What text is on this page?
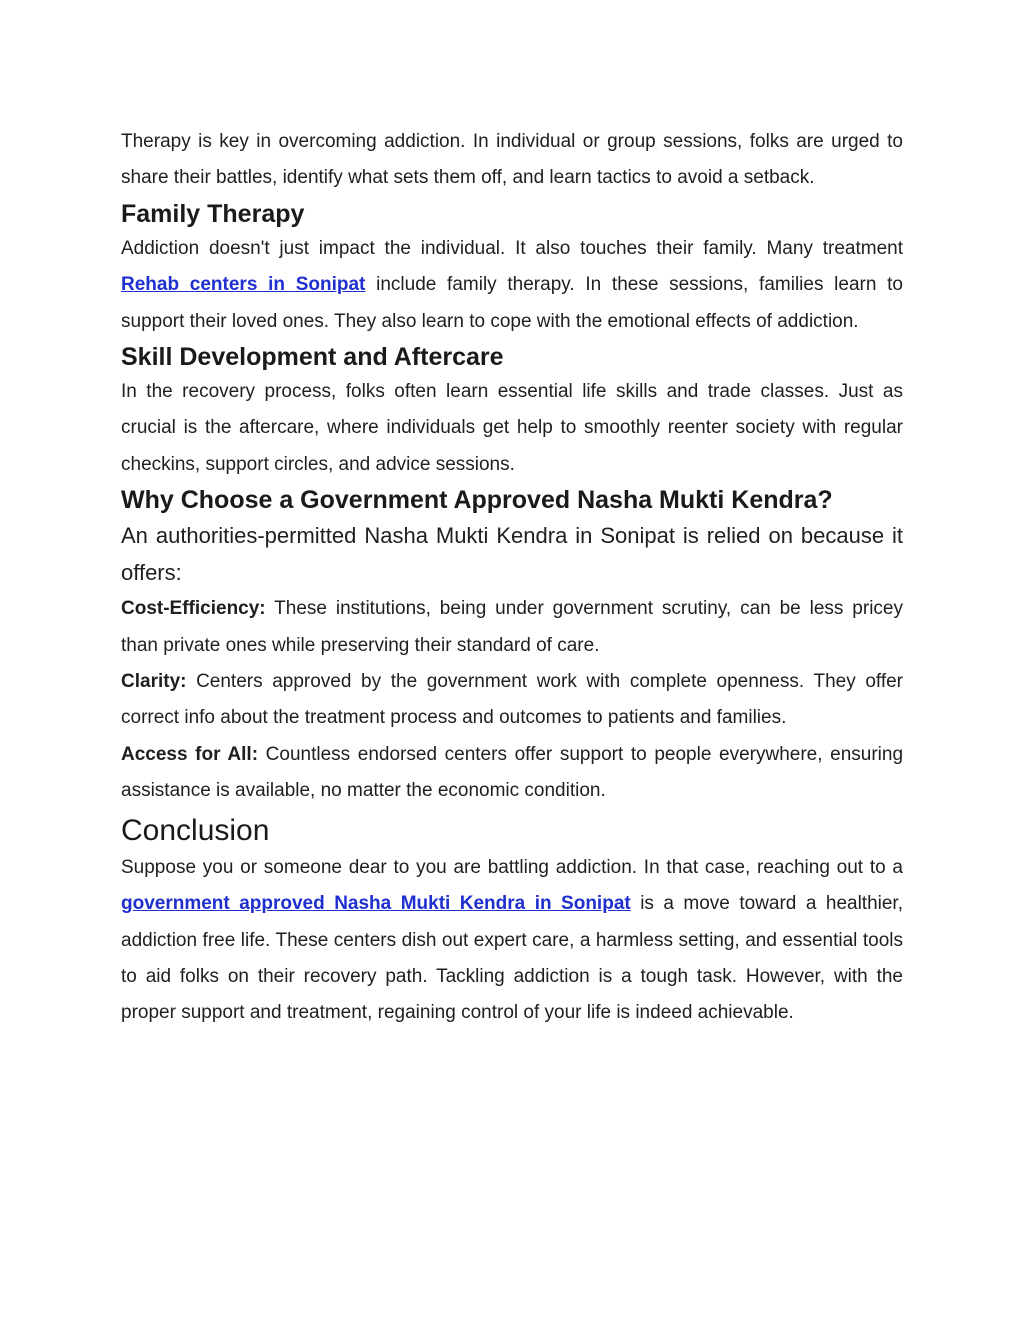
Therapy is key in overcoming addiction. In individual or group sessions, folks are urged to share their battles, identify what sets them off, and learn tactics to avoid a setback.

Family Therapy

Addiction doesn't just impact the individual. It also touches their family. Many treatment Rehab centers in Sonipat include family therapy. In these sessions, families learn to support their loved ones. They also learn to cope with the emotional effects of addiction.

Skill Development and Aftercare

In the recovery process, folks often learn essential life skills and trade classes. Just as crucial is the aftercare, where individuals get help to smoothly reenter society with regular checkins, support circles, and advice sessions.

Why Choose a Government Approved Nasha Mukti Kendra?

An authorities-permitted Nasha Mukti Kendra in Sonipat is relied on because it offers:

Cost-Efficiency: These institutions, being under government scrutiny, can be less pricey than private ones while preserving their standard of care.

Clarity: Centers approved by the government work with complete openness. They offer correct info about the treatment process and outcomes to patients and families.

Access for All: Countless endorsed centers offer support to people everywhere, ensuring assistance is available, no matter the economic condition.

Conclusion

Suppose you or someone dear to you are battling addiction. In that case, reaching out to a government approved Nasha Mukti Kendra in Sonipat is a move toward a healthier, addiction free life. These centers dish out expert care, a harmless setting, and essential tools to aid folks on their recovery path. Tackling addiction is a tough task. However, with the proper support and treatment, regaining control of your life is indeed achievable.
